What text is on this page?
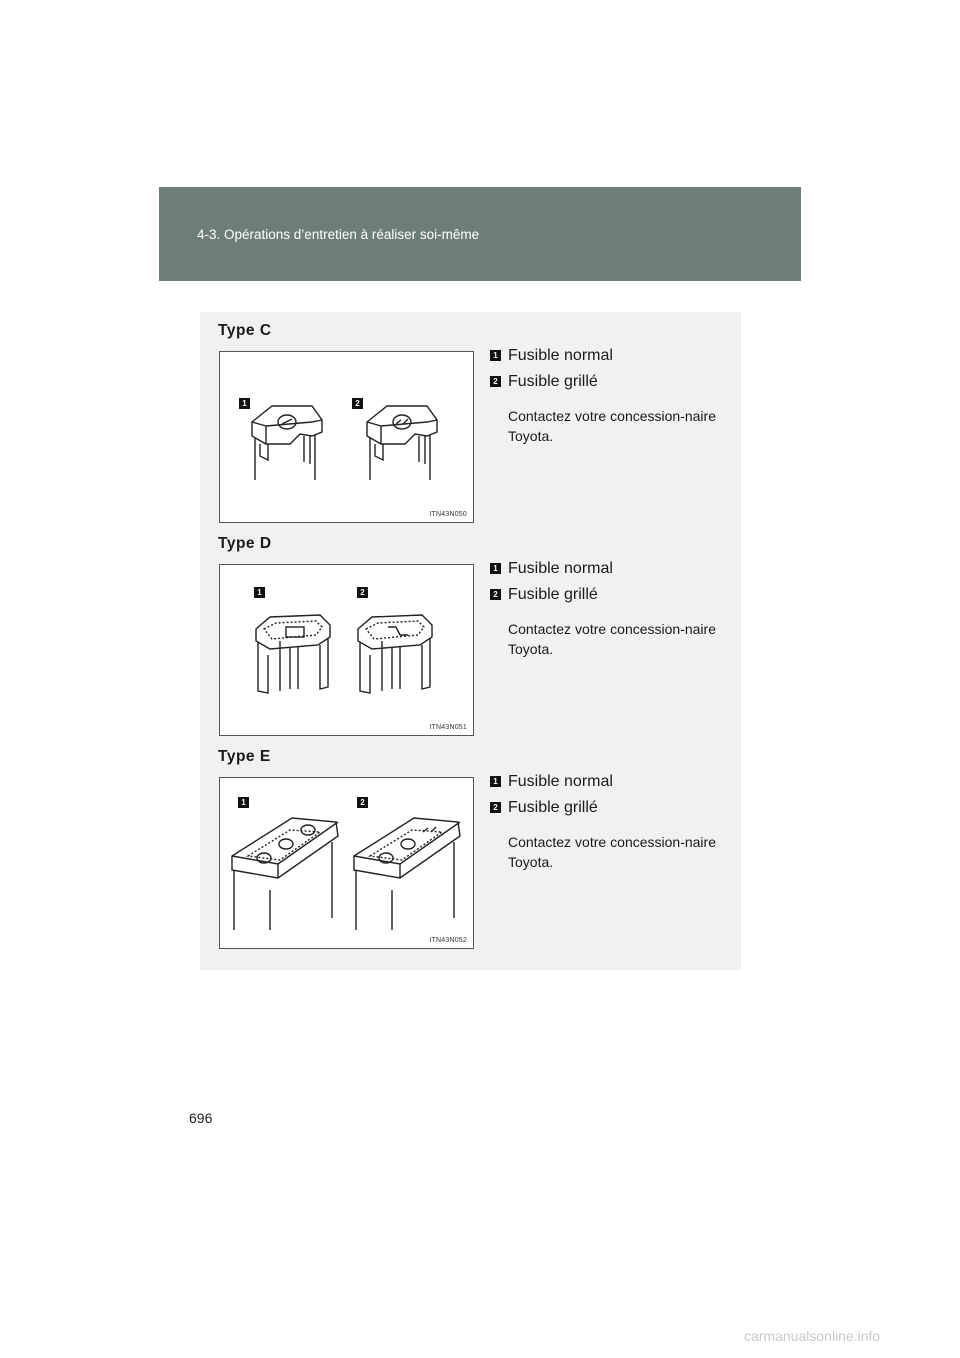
4-3. Opérations d’entretien à réaliser soi-même
Type C
1	2
ITN43N050
1 Fusible normal
2 Fusible grillé
Contactez votre concession-naire Toyota.
Type D
1	2
ITN43N051
1 Fusible normal
2 Fusible grillé
Contactez votre concession-naire Toyota.
Type E
1	2
ITN43N052
1 Fusible normal
2 Fusible grillé
Contactez votre concession-naire Toyota.
696
carmanualsonline.info
